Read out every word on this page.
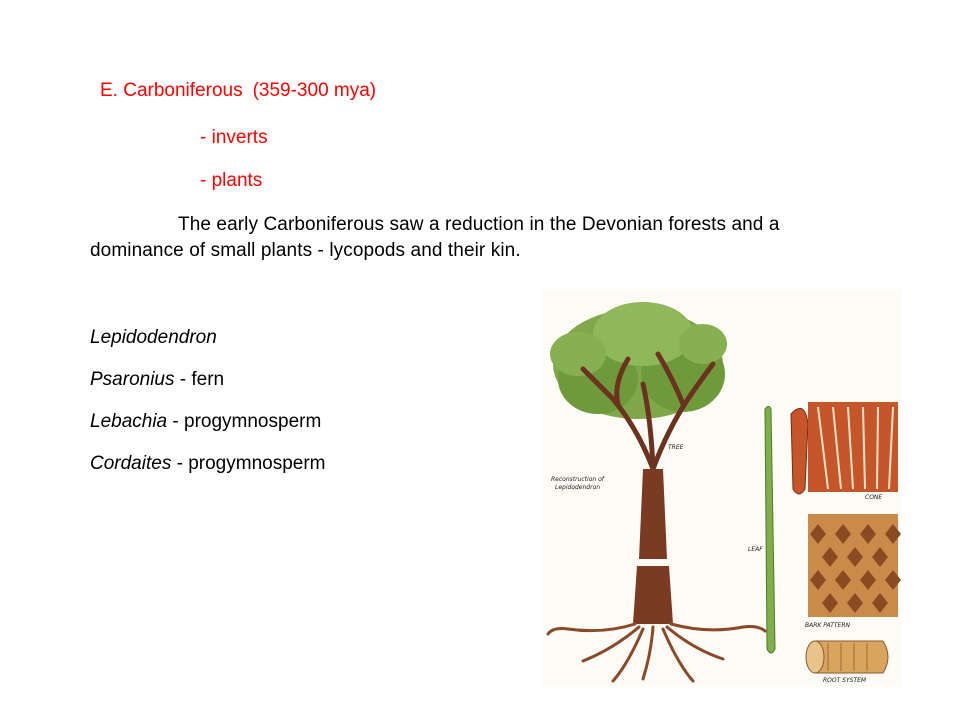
E. Carboniferous (359-300 mya)
- inverts
- plants
The early Carboniferous saw a reduction in the Devonian forests and a dominance of small plants - lycopods and their kin.
Lepidodendron
Psaronius - fern
Lebachia - progymnosperm
Cordaites - progymnosperm
TREE
Reconstruction of
Lepidodendron
LEAF
CONE
BARK PATTERN
ROOT SYSTEM
